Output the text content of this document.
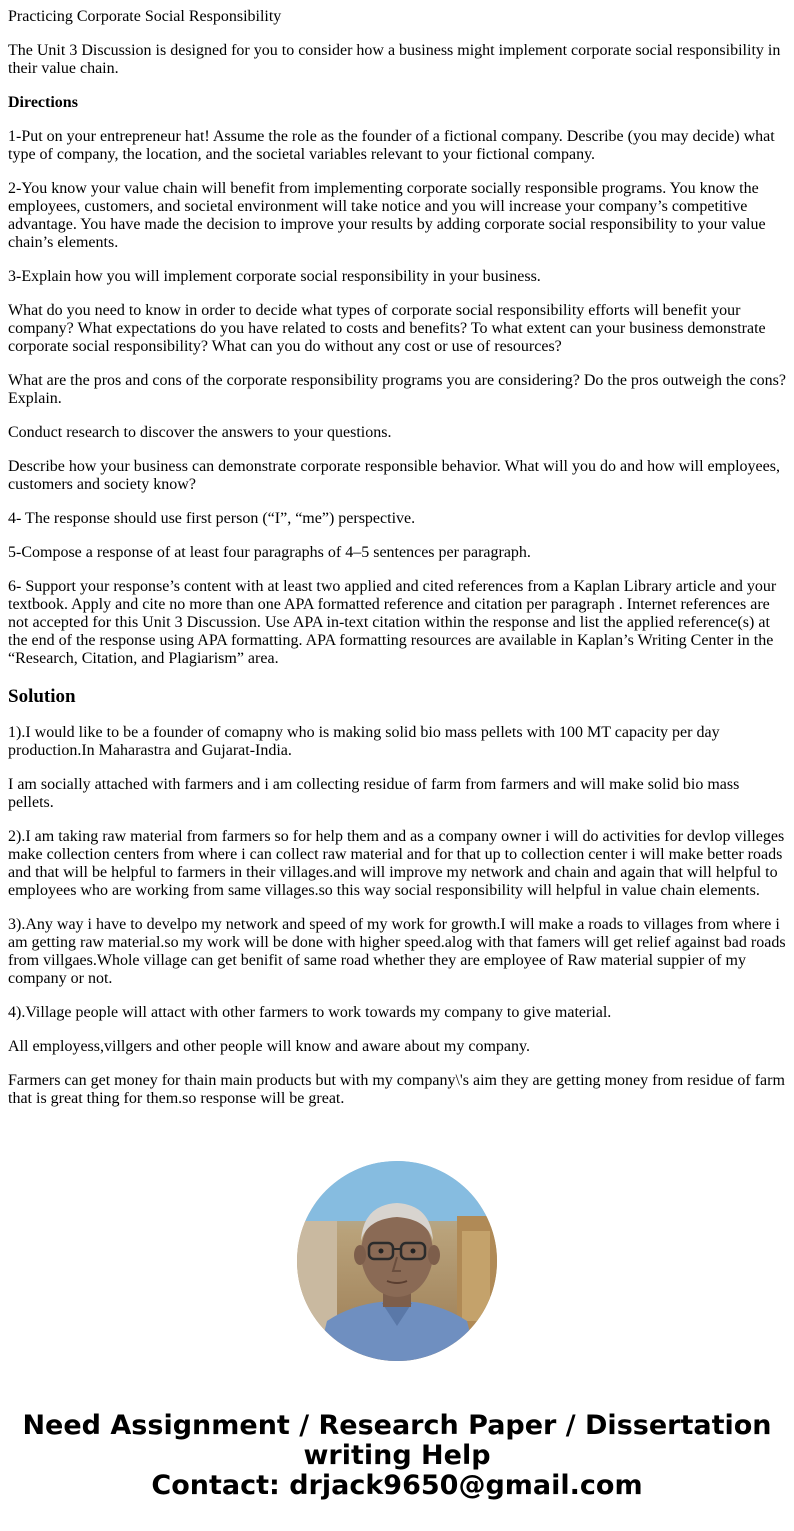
Practicing Corporate Social Responsibility

The Unit 3 Discussion is designed for you to consider how a business might implement corporate social responsibility in their value chain.

Directions

1-Put on your entrepreneur hat! Assume the role as the founder of a fictional company. Describe (you may decide) what type of company, the location, and the societal variables relevant to your fictional company.

2-You know your value chain will benefit from implementing corporate socially responsible programs. You know the employees, customers, and societal environment will take notice and you will increase your company’s competitive advantage. You have made the decision to improve your results by adding corporate social responsibility to your value chain’s elements.

3-Explain how you will implement corporate social responsibility in your business.

What do you need to know in order to decide what types of corporate social responsibility efforts will benefit your company? What expectations do you have related to costs and benefits? To what extent can your business demonstrate corporate social responsibility? What can you do without any cost or use of resources?

What are the pros and cons of the corporate responsibility programs you are considering? Do the pros outweigh the cons? Explain.

Conduct research to discover the answers to your questions.

Describe how your business can demonstrate corporate responsible behavior. What will you do and how will employees, customers and society know?

4- The response should use first person (“I”, “me”) perspective.

5-Compose a response of at least four paragraphs of 4–5 sentences per paragraph.

6- Support your response’s content with at least two applied and cited references from a Kaplan Library article and your textbook. Apply and cite no more than one APA formatted reference and citation per paragraph . Internet references are not accepted for this Unit 3 Discussion. Use APA in-text citation within the response and list the applied reference(s) at the end of the response using APA formatting. APA formatting resources are available in Kaplan’s Writing Center in the “Research, Citation, and Plagiarism” area.

Solution

1).I would like to be a founder of comapny who is making solid bio mass pellets with 100 MT capacity per day production.In Maharastra and Gujarat-India.

I am socially attached with farmers and i am collecting residue of farm from farmers and will make solid bio mass pellets.

2).I am taking raw material from farmers so for help them and as a company owner i will do activities for devlop villeges make collection centers from where i can collect raw material and for that up to collection center i will make better roads and that will be helpful to farmers in their villages.and will improve my network and chain and again that will helpful to employees who are working from same villages.so this way social responsibility will helpful in value chain elements.

3).Any way i have to develpo my network and speed of my work for growth.I will make a roads to villages from where i am getting raw material.so my work will be done with higher speed.alog with that famers will get relief against bad roads from villgaes.Whole village can get benifit of same road whether they are employee of Raw material suppier of my company or not.

4).Village people will attact with other farmers to work towards my company to give material.

All employess,villgers and other people will know and aware about my company.

Farmers can get money for thain main products but with my company\'s aim they are getting money from residue of farm that is great thing for them.so response will be great.

Need Assignment / Research Paper / Dissertation
writing Help
Contact: drjack9650@gmail.com
